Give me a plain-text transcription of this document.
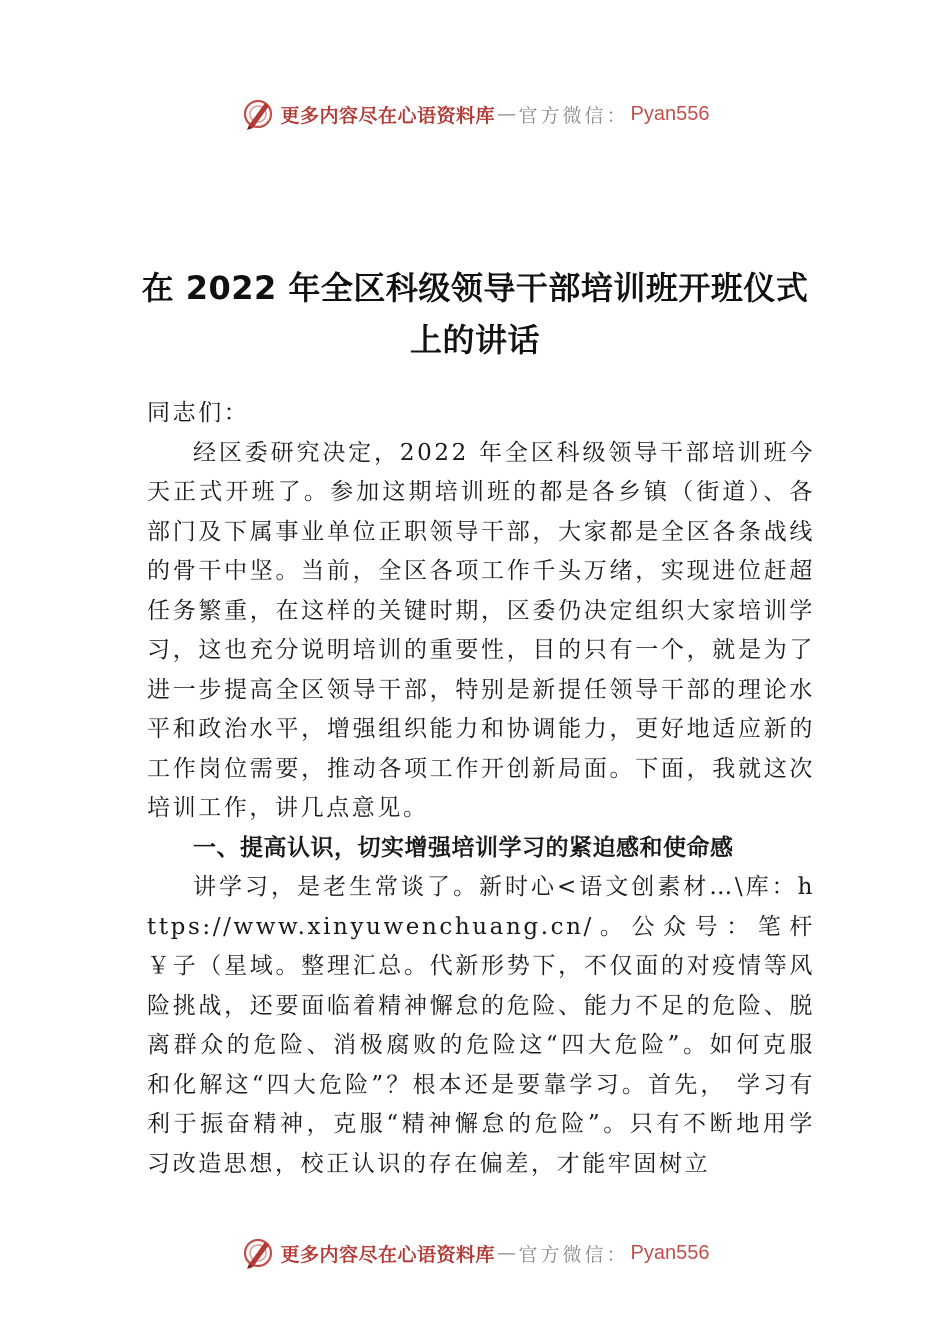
更多内容尽在心语资料库 — 官方微信： Pyan556
在 2022 年全区科级领导干部培训班开班仪式上的讲话

同志们：

经区委研究决定，2022 年全区科级领导干部培训班今天正式开班了。参加这期培训班的都是各乡镇（街道）、各部门及下属事业单位正职领导干部，大家都是全区各条战线的骨干中坚。当前，全区各项工作千头万绪，实现进位赶超任务繁重，在这样的关键时期，区委仍决定组织大家培训学习，这也充分说明培训的重要性，目的只有一个，就是为了进一步提高全区领导干部，特别是新提任领导干部的理论水平和政治水平，增强组织能力和协调能力，更好地适应新的工作岗位需要，推动各项工作开创新局面。下面，我就这次培训工作，讲几点意见。

一、提高认识，切实增强培训学习的紧迫感和使命感

讲学习，是老生常谈了。新时心<语文创素材…\库：https://www.xinyuwenchuang.cn/。公众号：笔杆￥子（星域。整理汇总。代新形势下，不仅面的对疫情等风险挑战，还要面临着精神懈怠的危险、能力不足的危险、脱离群众的危险、消极腐败的危险这“四大危险”。如何克服和化解这“四大危险”？根本还是要靠学习。首先， 学习有利于振奋精神，克服“精神懈怠的危险”。只有不断地用学习改造思想，校正认识的存在偏差，才能牢固树立

更多内容尽在心语资料库 — 官方微信： Pyan556
